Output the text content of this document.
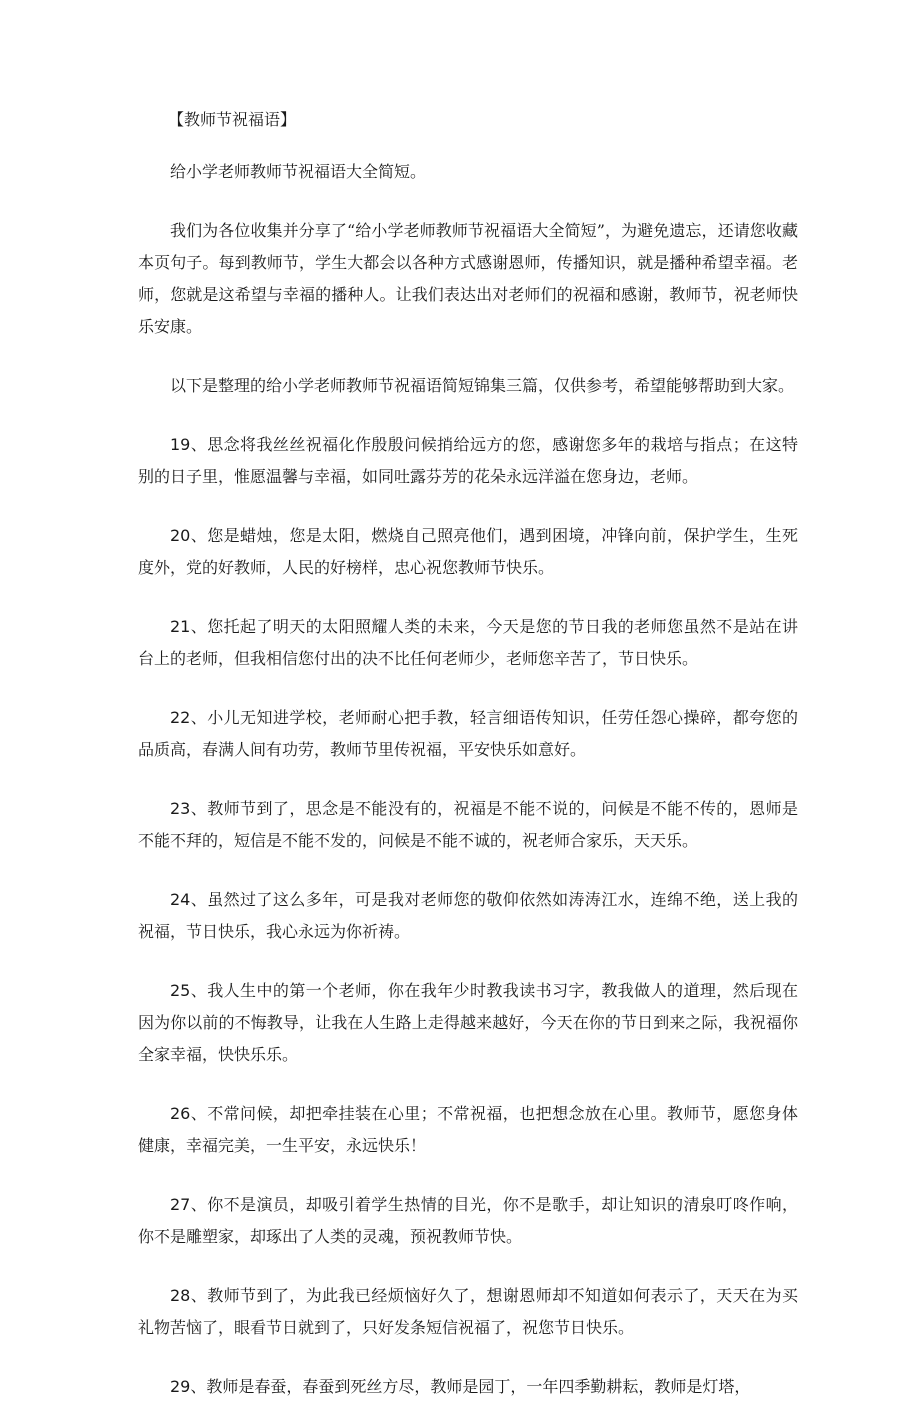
【教师节祝福语】

给小学老师教师节祝福语大全简短。

我们为各位收集并分享了“给小学老师教师节祝福语大全简短”，为避免遗忘，还请您收藏本页句子。每到教师节，学生大都会以各种方式感谢恩师，传播知识，就是播种希望幸福。老师，您就是这希望与幸福的播种人。让我们表达出对老师们的祝福和感谢，教师节，祝老师快乐安康。

以下是整理的给小学老师教师节祝福语简短锦集三篇，仅供参考，希望能够帮助到大家。

19、思念将我丝丝祝福化作殷殷问候捎给远方的您，感谢您多年的栽培与指点；在这特别的日子里，惟愿温馨与幸福，如同吐露芬芳的花朵永远洋溢在您身边，老师。

20、您是蜡烛，您是太阳，燃烧自己照亮他们，遇到困境，冲锋向前，保护学生，生死度外，党的好教师，人民的好榜样，忠心祝您教师节快乐。

21、您托起了明天的太阳照耀人类的未来，今天是您的节日我的老师您虽然不是站在讲台上的老师，但我相信您付出的决不比任何老师少，老师您辛苦了，节日快乐。

22、小儿无知进学校，老师耐心把手教，轻言细语传知识，任劳任怨心操碎，都夸您的品质高，春满人间有功劳，教师节里传祝福，平安快乐如意好。

23、教师节到了，思念是不能没有的，祝福是不能不说的，问候是不能不传的，恩师是不能不拜的，短信是不能不发的，问候是不能不诚的，祝老师合家乐，天天乐。

24、虽然过了这么多年，可是我对老师您的敬仰依然如涛涛江水，连绵不绝，送上我的祝福，节日快乐，我心永远为你祈祷。

25、我人生中的第一个老师，你在我年少时教我读书习字，教我做人的道理，然后现在因为你以前的不悔教导，让我在人生路上走得越来越好，今天在你的节日到来之际，我祝福你全家幸福，快快乐乐。

26、不常问候，却把牵挂装在心里；不常祝福，也把想念放在心里。教师节，愿您身体健康，幸福完美，一生平安，永远快乐！

27、你不是演员，却吸引着学生热情的目光，你不是歌手，却让知识的清泉叮咚作响，你不是雕塑家，却琢出了人类的灵魂，预祝教师节快。

28、教师节到了，为此我已经烦恼好久了，想谢恩师却不知道如何表示了，天天在为买礼物苦恼了，眼看节日就到了，只好发条短信祝福了，祝您节日快乐。

29、教师是春蚕，春蚕到死丝方尽，教师是园丁，一年四季勤耕耘，教师是灯塔，
